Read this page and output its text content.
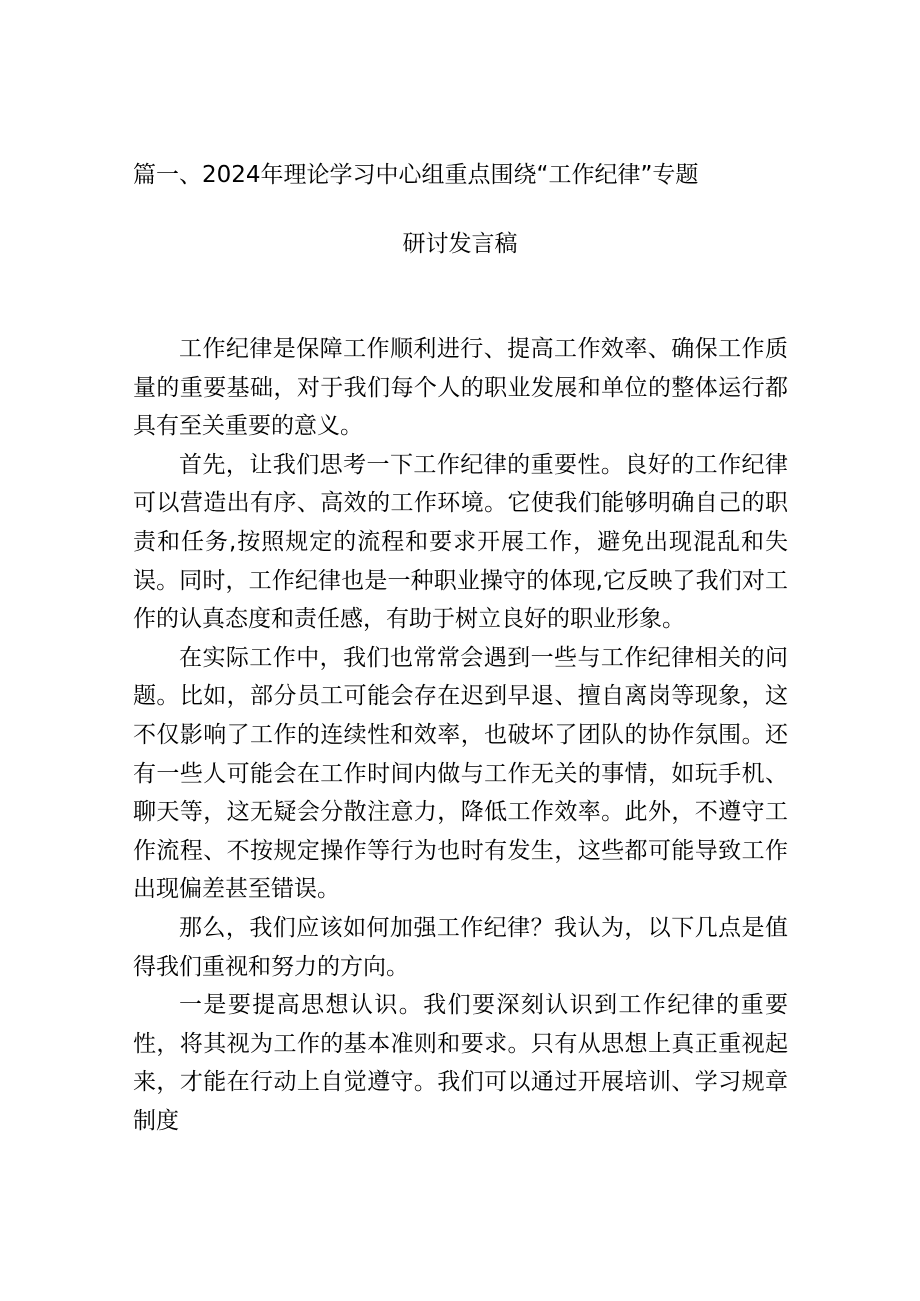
篇一、2024年理论学习中心组重点围绕“工作纪律”专题
研讨发言稿

工作纪律是保障工作顺利进行、提高工作效率、确保工作质量的重要基础，对于我们每个人的职业发展和单位的整体运行都具有至关重要的意义。

首先，让我们思考一下工作纪律的重要性。良好的工作纪律可以营造出有序、高效的工作环境。它使我们能够明确自己的职责和任务,按照规定的流程和要求开展工作，避免出现混乱和失误。同时，工作纪律也是一种职业操守的体现,它反映了我们对工作的认真态度和责任感，有助于树立良好的职业形象。

在实际工作中，我们也常常会遇到一些与工作纪律相关的问题。比如，部分员工可能会存在迟到早退、擅自离岗等现象，这不仅影响了工作的连续性和效率，也破坏了团队的协作氛围。还有一些人可能会在工作时间内做与工作无关的事情，如玩手机、聊天等，这无疑会分散注意力，降低工作效率。此外，不遵守工作流程、不按规定操作等行为也时有发生，这些都可能导致工作出现偏差甚至错误。

那么，我们应该如何加强工作纪律？我认为，以下几点是值得我们重视和努力的方向。

一是要提高思想认识。我们要深刻认识到工作纪律的重要性，将其视为工作的基本准则和要求。只有从思想上真正重视起来，才能在行动上自觉遵守。我们可以通过开展培训、学习规章制度
